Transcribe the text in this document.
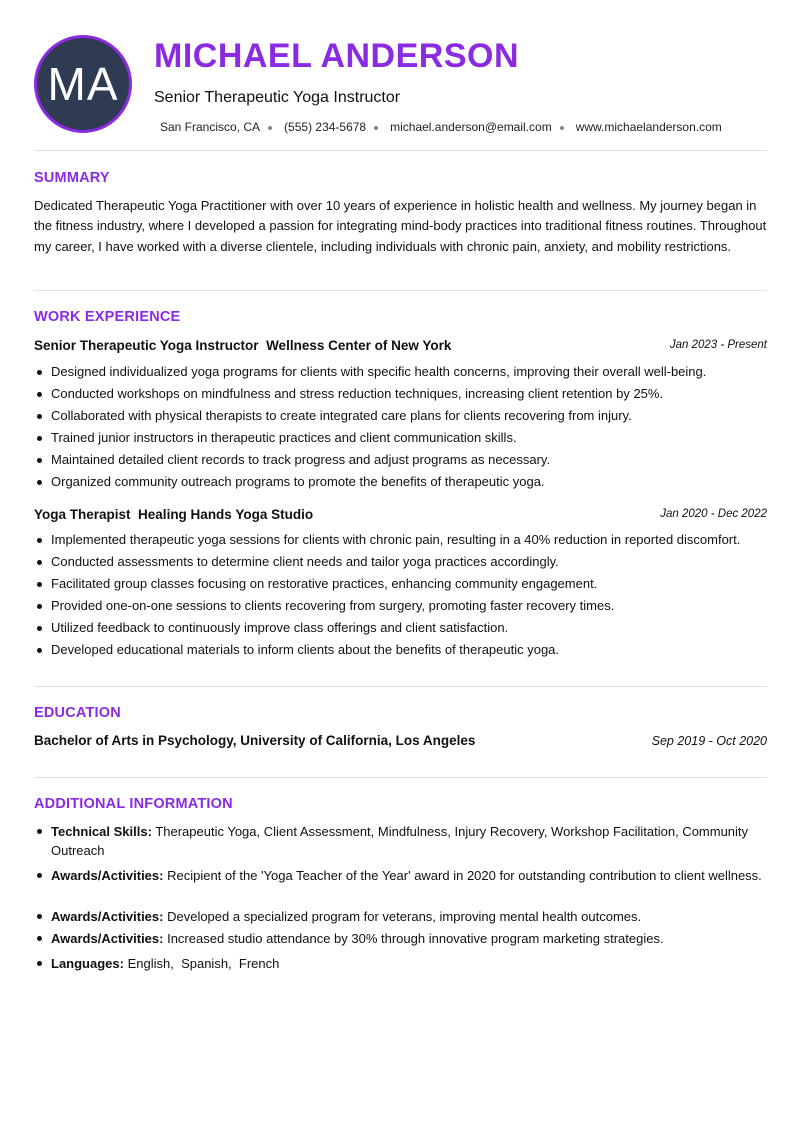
MA
MICHAEL ANDERSON
Senior Therapeutic Yoga Instructor
San Francisco, CA (555) 234-5678 michael.anderson@email.com www.michaelanderson.com
SUMMARY
Dedicated Therapeutic Yoga Practitioner with over 10 years of experience in holistic health and wellness. My journey began in the fitness industry, where I developed a passion for integrating mind-body practices into traditional fitness routines. Throughout my career, I have worked with a diverse clientele, including individuals with chronic pain, anxiety, and mobility restrictions.
WORK EXPERIENCE
Senior Therapeutic Yoga Instructor Wellness Center of New York	Jan 2023 - Present
Designed individualized yoga programs for clients with specific health concerns, improving their overall well-being.
Conducted workshops on mindfulness and stress reduction techniques, increasing client retention by 25%.
Collaborated with physical therapists to create integrated care plans for clients recovering from injury.
Trained junior instructors in therapeutic practices and client communication skills.
Maintained detailed client records to track progress and adjust programs as necessary.
Organized community outreach programs to promote the benefits of therapeutic yoga.
Yoga Therapist Healing Hands Yoga Studio	Jan 2020 - Dec 2022
Implemented therapeutic yoga sessions for clients with chronic pain, resulting in a 40% reduction in reported discomfort.
Conducted assessments to determine client needs and tailor yoga practices accordingly.
Facilitated group classes focusing on restorative practices, enhancing community engagement.
Provided one-on-one sessions to clients recovering from surgery, promoting faster recovery times.
Utilized feedback to continuously improve class offerings and client satisfaction.
Developed educational materials to inform clients about the benefits of therapeutic yoga.
EDUCATION
Bachelor of Arts in Psychology, University of California, Los Angeles	Sep 2019 - Oct 2020
ADDITIONAL INFORMATION
Technical Skills: Therapeutic Yoga, Client Assessment, Mindfulness, Injury Recovery, Workshop Facilitation, Community Outreach
Awards/Activities: Recipient of the 'Yoga Teacher of the Year' award in 2020 for outstanding contribution to client wellness.
Awards/Activities: Developed a specialized program for veterans, improving mental health outcomes.
Awards/Activities: Increased studio attendance by 30% through innovative program marketing strategies.
Languages: English,  Spanish,  French
